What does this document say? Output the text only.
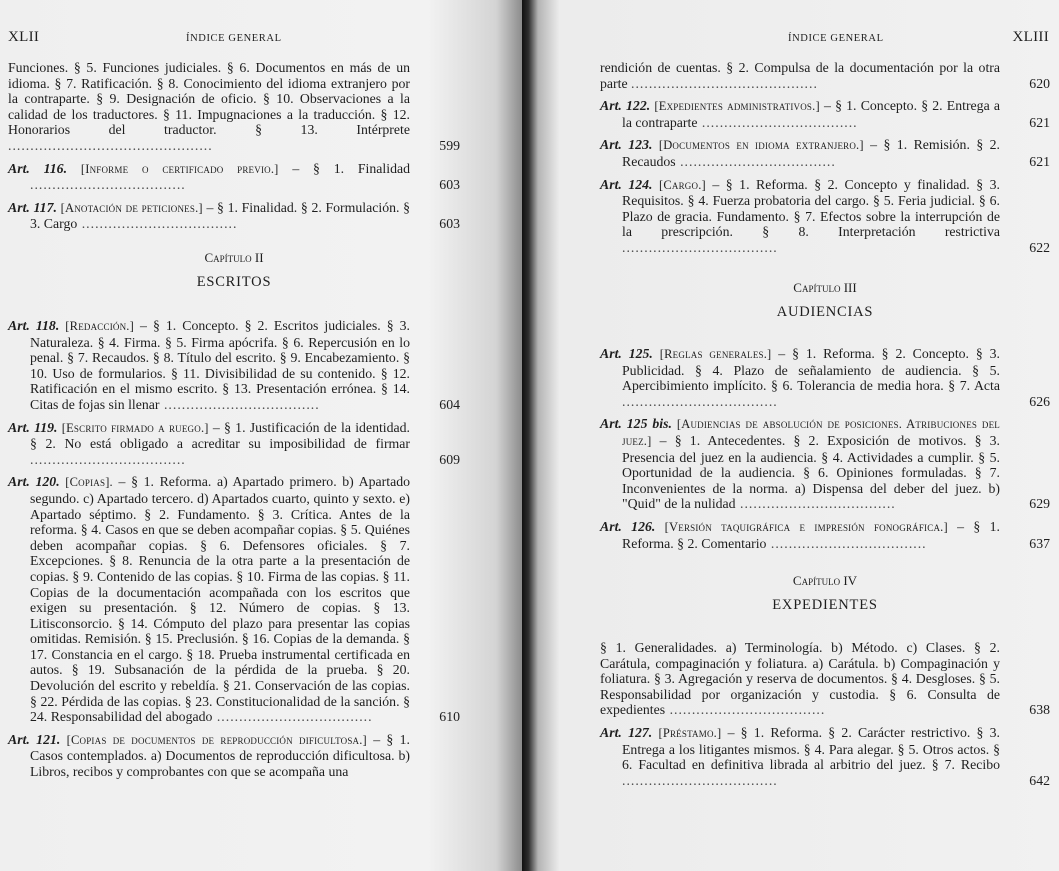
XLII	ÍNDICE GENERAL
Funciones. § 5. Funciones judiciales. § 6. Documentos en más de un idioma. § 7. Ratificación. § 8. Conocimiento del idioma extranjero por la contraparte. § 9. Designación de oficio. § 10. Observaciones a la calidad de los traductores. § 11. Impugnaciones a la traducción. § 12. Honorarios del traductor. § 13. Intérprete ..............................................	599
Art. 116. [Informe o certificado previo.] – § 1. Finalidad ...................................	603
Art. 117. [Anotación de peticiones.] – § 1. Finalidad. § 2. Formulación. § 3. Cargo ...................................	603

Capítulo II

ESCRITOS

Art. 118. [Redacción.] – § 1. Concepto. § 2. Escritos judiciales. § 3. Naturaleza. § 4. Firma. § 5. Firma apócrifa. § 6. Repercusión en lo penal. § 7. Recaudos. § 8. Título del escrito. § 9. Encabezamiento. § 10. Uso de formularios. § 11. Divisibilidad de su contenido. § 12. Ratificación en el mismo escrito. § 13. Presentación errónea. § 14. Citas de fojas sin llenar ...................................	604
Art. 119. [Escrito firmado a ruego.] – § 1. Justificación de la identidad. § 2. No está obligado a acreditar su imposibilidad de firmar ...................................	609
Art. 120. [Copias]. – § 1. Reforma. a) Apartado primero. b) Apartado segundo. c) Apartado tercero. d) Apartados cuarto, quinto y sexto. e) Apartado séptimo. § 2. Fundamento. § 3. Crítica. Antes de la reforma. § 4. Casos en que se deben acompañar copias. § 5. Quiénes deben acompañar copias. § 6. Defensores oficiales. § 7. Excepciones. § 8. Renuncia de la otra parte a la presentación de copias. § 9. Contenido de las copias. § 10. Firma de las copias. § 11. Copias de la documentación acompañada con los escritos que exigen su presentación. § 12. Número de copias. § 13. Litisconsorcio. § 14. Cómputo del plazo para presentar las copias omitidas. Remisión. § 15. Preclusión. § 16. Copias de la demanda. § 17. Constancia en el cargo. § 18. Prueba instrumental certificada en autos. § 19. Subsanación de la pérdida de la prueba. § 20. Devolución del escrito y rebeldía. § 21. Conservación de las copias. § 22. Pérdida de las copias. § 23. Constitucionalidad de la sanción. § 24. Responsabilidad del abogado ...................................	610
Art. 121. [Copias de documentos de reproducción dificultosa.] – § 1. Casos contemplados. a) Documentos de reproducción dificultosa. b) Libros, recibos y comprobantes con que se acompaña una
ÍNDICE GENERAL	XLIII
rendición de cuentas. § 2. Compulsa de la documentación por la otra parte ..........................................	620
Art. 122. [Expedientes administrativos.] – § 1. Concepto. § 2. Entrega a la contraparte ...................................	621
Art. 123. [Documentos en idioma extranjero.] – § 1. Remisión. § 2. Recaudos ...................................	621
Art. 124. [Cargo.] – § 1. Reforma. § 2. Concepto y finalidad. § 3. Requisitos. § 4. Fuerza probatoria del cargo. § 5. Feria judicial. § 6. Plazo de gracia. Fundamento. § 7. Efectos sobre la interrupción de la prescripción. § 8. Interpretación restrictiva ...................................	622

Capítulo III

AUDIENCIAS

Art. 125. [Reglas generales.] – § 1. Reforma. § 2. Concepto. § 3. Publicidad. § 4. Plazo de señalamiento de audiencia. § 5. Apercibimiento implícito. § 6. Tolerancia de media hora. § 7. Acta ...................................	626
Art. 125 bis. [Audiencias de absolución de posiciones. Atribuciones del juez.] – § 1. Antecedentes. § 2. Exposición de motivos. § 3. Presencia del juez en la audiencia. § 4. Actividades a cumplir. § 5. Oportunidad de la audiencia. § 6. Opiniones formuladas. § 7. Inconvenientes de la norma. a) Dispensa del deber del juez. b) "Quid" de la nulidad ...................................	629
Art. 126. [Versión taquigráfica e impresión fonográfica.] – § 1. Reforma. § 2. Comentario ...................................	637

Capítulo IV

EXPEDIENTES

§ 1. Generalidades. a) Terminología. b) Método. c) Clases. § 2. Carátula, compaginación y foliatura. a) Carátula. b) Compaginación y foliatura. § 3. Agregación y reserva de documentos. § 4. Desgloses. § 5. Responsabilidad por organización y custodia. § 6. Consulta de expedientes ...................................	638
Art. 127. [Préstamo.] – § 1. Reforma. § 2. Carácter restrictivo. § 3. Entrega a los litigantes mismos. § 4. Para alegar. § 5. Otros actos. § 6. Facultad en definitiva librada al arbitrio del juez. § 7. Recibo ...................................	642
